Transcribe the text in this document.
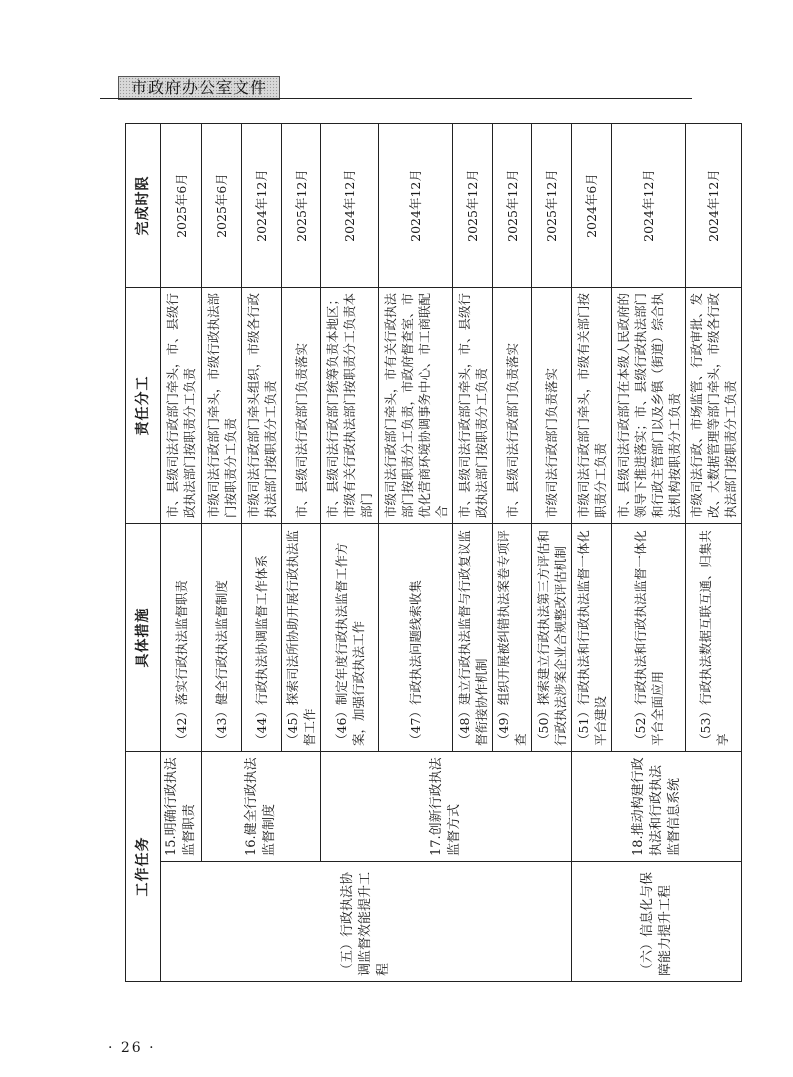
市政府办公室文件
工作任务		具体措施	责任分工	完成时限
（五）行政执法协调监督效能提升工程	15.明确行政执法监督职责	（42）落实行政执法监督职责	市、县级司法行政部门牵头，市、县级行政执法部门按职责分工负责	2025年6月
	16.健全行政执法监督制度	（43）健全行政执法监督制度	市级司法行政部门牵头，市级行政执法部门按职责分工负责	2025年6月
		（44）行政执法协调监督工作体系	市级司法行政部门牵头组织，市级各行政执法部门按职责分工负责	2024年12月
		（45）探索司法所协助开展行政执法监督工作	市、县级司法行政部门负责落实	2025年12月
	17.创新行政执法监督方式	（46）制定年度行政执法监督工作方案，加强行政执法工作	市、县级司法行政部门统筹负责本地区；市级有关行政执法部门按职责分工负责本部门	2024年12月
		（47）行政执法问题线索收集	市级司法行政部门牵头，市有关行政执法部门按职责分工负责，市政府督查室、市优化营商环境协调事务中心、市工商联配合	2024年12月
		（48）建立行政执法监督与行政复议监督衔接协作机制	市、县级司法行政部门牵头，市、县级行政执法部门按职责分工负责	2025年12月
		（49）组织开展被纠错执法案卷专项评查	市、县级司法行政部门负责落实	2025年12月
		（50）探索建立行政执法第三方评估和行政执法涉案企业合规整改评估机制	市级司法行政部门负责落实	2025年12月
（六）信息化与保障能力提升工程	18.推动构建行政执法和行政执法监督信息系统	（51）行政执法和行政执法监督一体化平台建设	市级司法行政部门牵头，市级有关部门按职责分工负责	2024年6月
		（52）行政执法和行政执法监督一体化平台全面应用	市、县级司法行政部门在本级人民政府的领导下推进落实；市、县级行政执法部门和行政主管部门以及乡镇（街道）综合执法机构按职责分工负责	2024年12月
		（53）行政执法数据互联互通、归集共享	市级司法行政、市场监管、行政审批、发改、大数据管理等部门牵头，市级各行政执法部门按职责分工负责	2024年12月
· 26 ·
